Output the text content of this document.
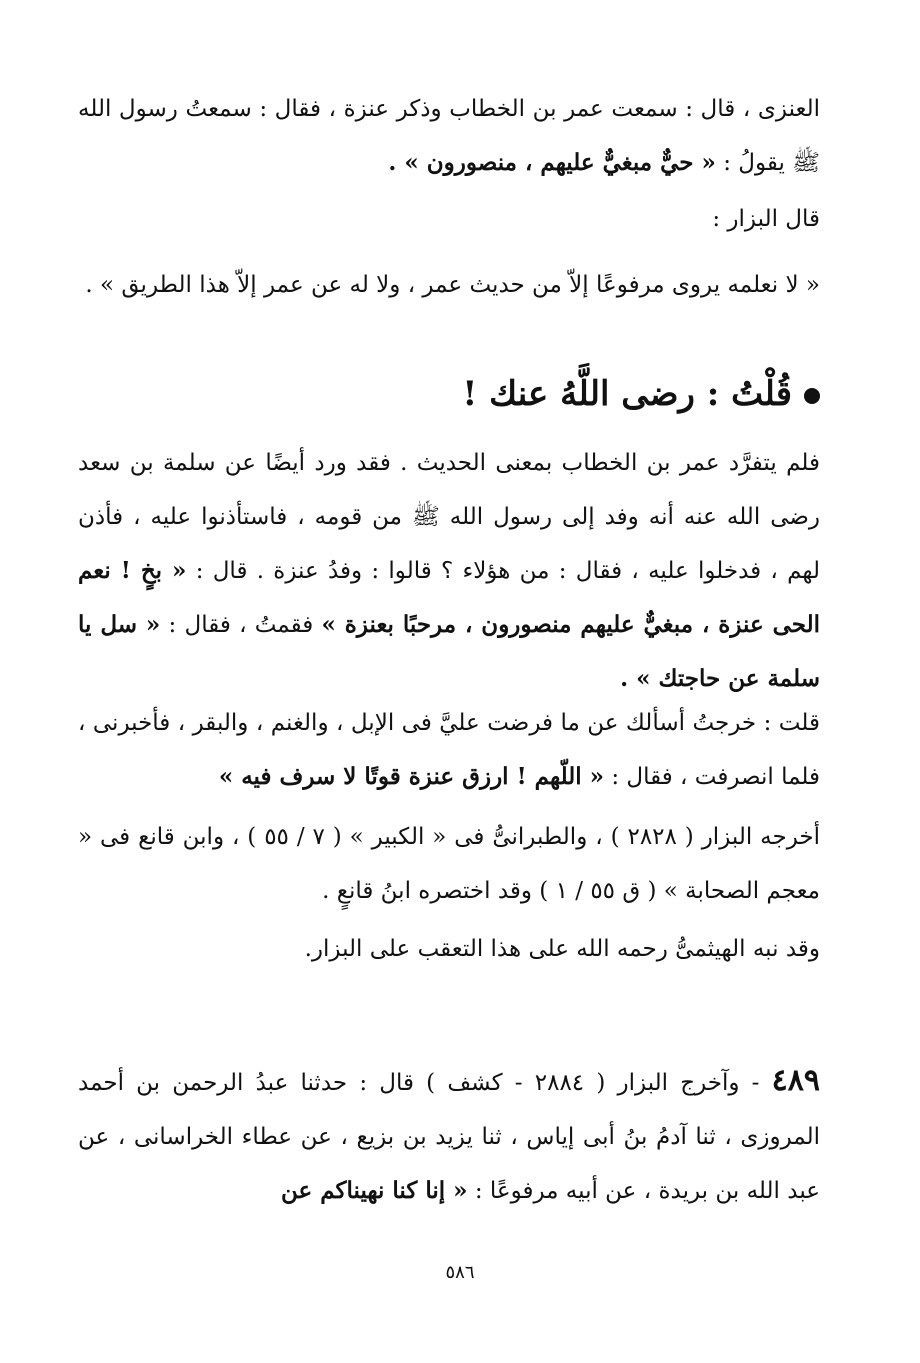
العنزى ، قال : سمعت عمر بن الخطاب وذكر عنزة ، فقال : سمعتُ رسول الله ﷺ يقولُ : « حيٌّ مبغيٌّ عليهم ، منصورون » .
قال البزار :
« لا نعلمه يروى مرفوعًا إلاّ من حديث عمر ، ولا له عن عمر إلاّ هذا الطريق » .
قُلْتُ : رضى اللَّهُ عنك !
فلم يتفرَّد عمر بن الخطاب بمعنى الحديث . فقد ورد أيضًا عن سلمة بن سعد رضى الله عنه أنه وفد إلى رسول الله ﷺ من قومه ، فاستأذنوا عليه ، فأذن لهم ، فدخلوا عليه ، فقال : من هؤلاء ؟ قالوا : وفدُ عنزة . قال : « بخٍ ! نعم الحى عنزة ، مبغيٌّ عليهم منصورون ، مرحبًا بعنزة » فقمتُ ، فقال : « سل يا سلمة عن حاجتك » .
قلت : خرجتُ أسألك عن ما فرضت عليَّ فى الإبل ، والغنم ، والبقر ، فأخبرنى ، فلما انصرفت ، فقال : « اللّهم ! ارزق عنزة قوتًا لا سرف فيه »
أخرجه البزار ( ٢٨٢٨ ) ، والطبرانىُّ فى « الكبير » ( ٧ / ٥٥ ) ، وابن قانع فى « معجم الصحابة » ( ق ٥٥ / ١ ) وقد اختصره ابنُ قانعٍ .
وقد نبه الهيثمىُّ رحمه الله على هذا التعقب على البزار.
٤٨٩ - وآخرج البزار ( ٢٨٨٤ - كشف ) قال : حدثنا عبدُ الرحمن بن أحمد المروزى ، ثنا آدمُ بنُ أبى إياس ، ثنا يزيد بن بزيع ، عن عطاء الخراسانى ، عن عبد الله بن بريدة ، عن أبيه مرفوعًا : « إنا كنا نهيناكم عن
٥٨٦
